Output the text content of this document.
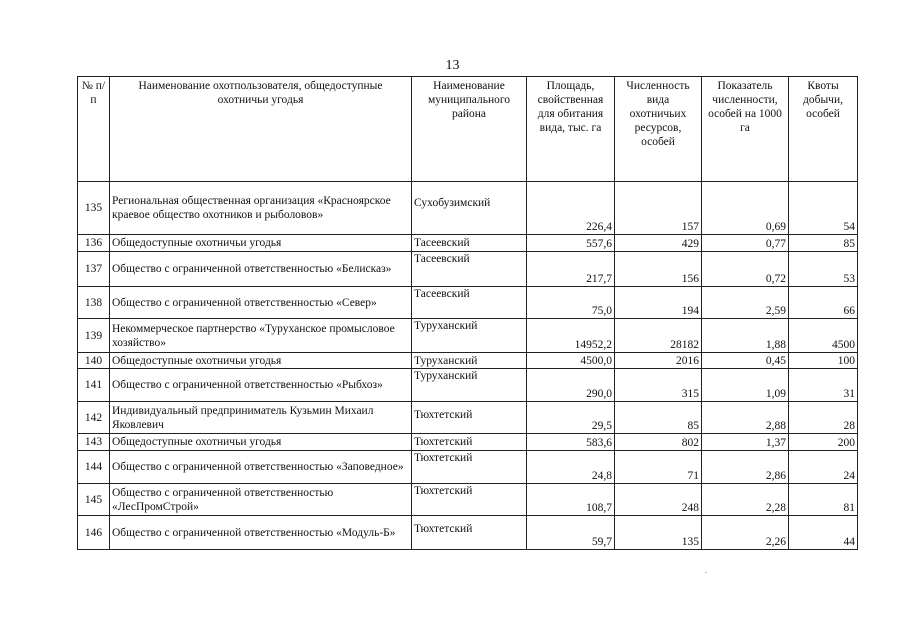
13
№ п/п	Наименование охотпользователя, общедоступные охотничьи угодья	Наименование муниципального района	Площадь, свойственная для обитания вида, тыс. га	Численность вида охотничьих ресурсов, особей	Показатель численности, особей на 1000 га	Квоты добычи, особей
135	Региональная общественная организация «Красноярское краевое общество охотников и рыболовов»	Сухобузимский	226,4	157	0,69	54
136	Общедоступные охотничьи угодья	Тасеевский	557,6	429	0,77	85
137	Общество с ограниченной ответственностью «Белисказ»	Тасеевский	217,7	156	0,72	53
138	Общество с ограниченной ответственностью «Север»	Тасеевский	75,0	194	2,59	66
139	Некоммерческое партнерство «Туруханское промысловое хозяйство»	Туруханский	14952,2	28182	1,88	4500
140	Общедоступные охотничьи угодья	Туруханский	4500,0	2016	0,45	100
141	Общество с ограниченной ответственностью «Рыбхоз»	Туруханский	290,0	315	1,09	31
142	Индивидуальный предприниматель Кузьмин Михаил Яковлевич	Тюхтетский	29,5	85	2,88	28
143	Общедоступные охотничьи угодья	Тюхтетский	583,6	802	1,37	200
144	Общество с ограниченной ответственностью «Заповедное»	Тюхтетский	24,8	71	2,86	24
145	Общество с ограниченной ответственностью «ЛесПромСтрой»	Тюхтетский	108,7	248	2,28	81
146	Общество с ограниченной ответственностью «Модуль-Б»	Тюхтетский	59,7	135	2,26	44
